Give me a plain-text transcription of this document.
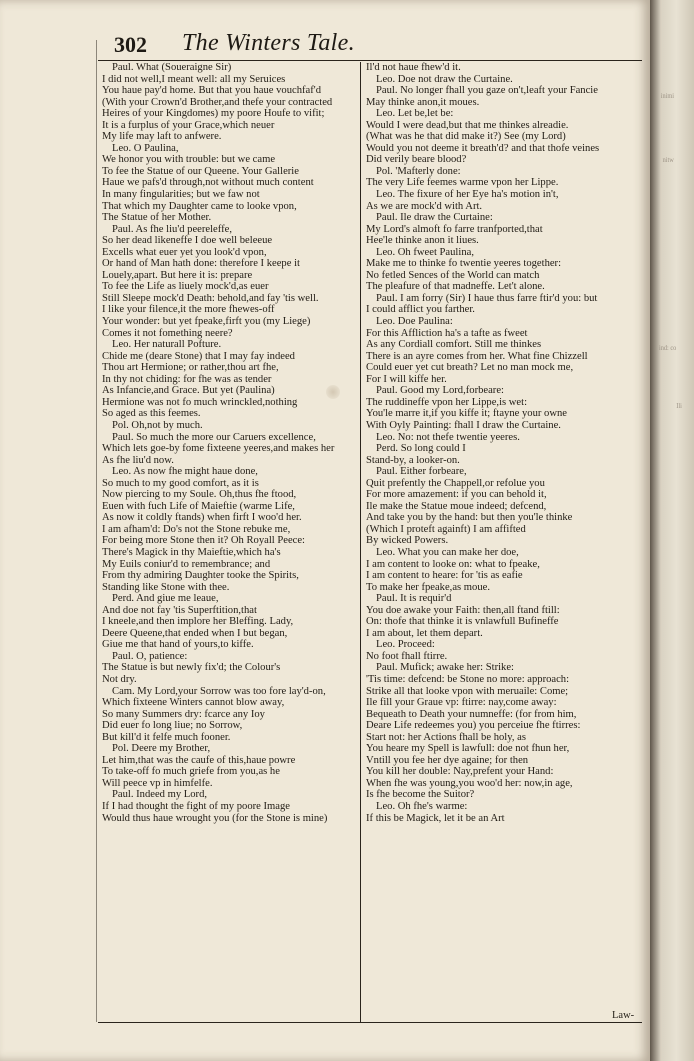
302 The Winters Tale.
Paul. What (Soueraigne Sir)
I did not well,I meant well: all my Seruices
You haue pay'd home. But that you haue vouchfaf'd
(With your Crown'd Brother,and thefe your contracted
Heires of your Kingdomes) my poore Houfe to vifit;
It is a furplus of your Grace,which neuer
My life may laft to anfwere.
Leo. O Paulina,
We honor you with trouble: but we came
To fee the Statue of our Queene. Your Gallerie
Haue we pafs'd through,not without much content
In many fingularities; but we faw not
That which my Daughter came to looke vpon,
The Statue of her Mother.
Paul. As fhe liu'd peereleffe,
So her dead likeneffe I doe well beleeue
Excells what euer yet you look'd vpon,
Or hand of Man hath done: therefore I keepe it
Louely,apart. But here it is: prepare
To fee the Life as liuely mock'd,as euer
Still Sleepe mock'd Death: behold,and fay 'tis well.
I like your filence,it the more fhewes-off
Your wonder: but yet fpeake,firft you (my Liege)
Comes it not fomething neere?
Leo. Her naturall Pofture.
Chide me (deare Stone) that I may fay indeed
Thou art Hermione; or rather,thou art fhe,
In thy not chiding: for fhe was as tender
As Infancie,and Grace. But yet (Paulina)
Hermione was not fo much wrinckled,nothing
So aged as this feemes.
Pol. Oh,not by much.
Paul. So much the more our Caruers excellence,
Which lets goe-by fome fixteene yeeres,and makes her
As fhe liu'd now.
Leo. As now fhe might haue done,
So much to my good comfort, as it is
Now piercing to my Soule. Oh,thus fhe ftood,
Euen with fuch Life of Maieftie (warme Life,
As now it coldly ftands) when firft I woo'd her.
I am afham'd: Do's not the Stone rebuke me,
For being more Stone then it? Oh Royall Peece:
There's Magick in thy Maieftie,which ha's
My Euils coniur'd to remembrance; and
From thy admiring Daughter tooke the Spirits,
Standing like Stone with thee.
Perd. And giue me leaue,
And doe not fay 'tis Superftition,that
I kneele,and then implore her Bleffing. Lady,
Deere Queene,that ended when I but began,
Giue me that hand of yours,to kiffe.
Paul. O, patience:
The Statue is but newly fix'd; the Colour's
Not dry.
Cam. My Lord,your Sorrow was too fore lay'd-on,
Which fixteene Winters cannot blow away,
So many Summers dry: fcarce any Ioy
Did euer fo long liue; no Sorrow,
But kill'd it felfe much fooner.
Pol. Deere my Brother,
Let him,that was the caufe of this,haue powre
To take-off fo much griefe from you,as he
Will peece vp in himfelfe.
Paul. Indeed my Lord,
If I had thought the fight of my poore Image
Would thus haue wrought you (for the Stone is mine)
Il'd not haue fhew'd it.
Leo. Doe not draw the Curtaine.
Paul. No longer fhall you gaze on't,leaft your Fancie
May thinke anon,it moues.
Leo. Let be,let be:
Would I were dead,but that me thinkes alreadie.
(What was he that did make it?) See (my Lord)
Would you not deeme it breath'd? and that thofe veines
Did verily beare blood?
Pol. 'Mafterly done:
The very Life feemes warme vpon her Lippe.
Leo. The fixure of her Eye ha's motion in't,
As we are mock'd with Art.
Paul. Ile draw the Curtaine:
My Lord's almoft fo farre tranfported,that
Hee'le thinke anon it liues.
Leo. Oh fweet Paulina,
Make me to thinke fo twentie yeeres together:
No fetled Sences of the World can match
The pleafure of that madneffe. Let't alone.
Paul. I am forry (Sir) I haue thus farre ftir'd you: but
I could afflict you farther.
Leo. Doe Paulina:
For this Affliction ha's a tafte as fweet
As any Cordiall comfort. Still me thinkes
There is an ayre comes from her. What fine Chizzell
Could euer yet cut breath? Let no man mock me,
For I will kiffe her.
Paul. Good my Lord,forbeare:
The ruddineffe vpon her Lippe,is wet:
You'le marre it,if you kiffe it; ftayne your owne
With Oyly Painting: fhall I draw the Curtaine.
Leo. No: not thefe twentie yeeres.
Perd. So long could I
Stand-by, a looker-on.
Paul. Either forbeare,
Quit prefently the Chappell,or refolue you
For more amazement: if you can behold it,
Ile make the Statue moue indeed; defcend,
And take you by the hand: but then you'le thinke
(Which I proteft againft) I am affifted
By wicked Powers.
Leo. What you can make her doe,
I am content to looke on: what to fpeake,
I am content to heare: for 'tis as eafie
To make her fpeake,as moue.
Paul. It is requir'd
You doe awake your Faith: then,all ftand ftill:
On: thofe that thinke it is vnlawfull Bufineffe
I am about, let them depart.
Leo. Proceed:
No foot fhall ftirre.
Paul. Mufick; awake her: Strike:
'Tis time: defcend: be Stone no more: approach:
Strike all that looke vpon with meruaile: Come;
Ile fill your Graue vp: ftirre: nay,come away:
Bequeath to Death your numneffe: (for from him,
Deare Life redeemes you) you perceiue fhe ftirres:
Start not: her Actions fhall be holy, as
You heare my Spell is lawfull: doe not fhun her,
Vntill you fee her dye againe; for then
You kill her double: Nay,prefent your Hand:
When fhe was young,you woo'd her: now,in age,
Is fhe become the Suitor?
Leo. Oh fhe's warme:
If this be Magick, let it be an Art
Law-
inimi
nitw
ind: co
Ili
